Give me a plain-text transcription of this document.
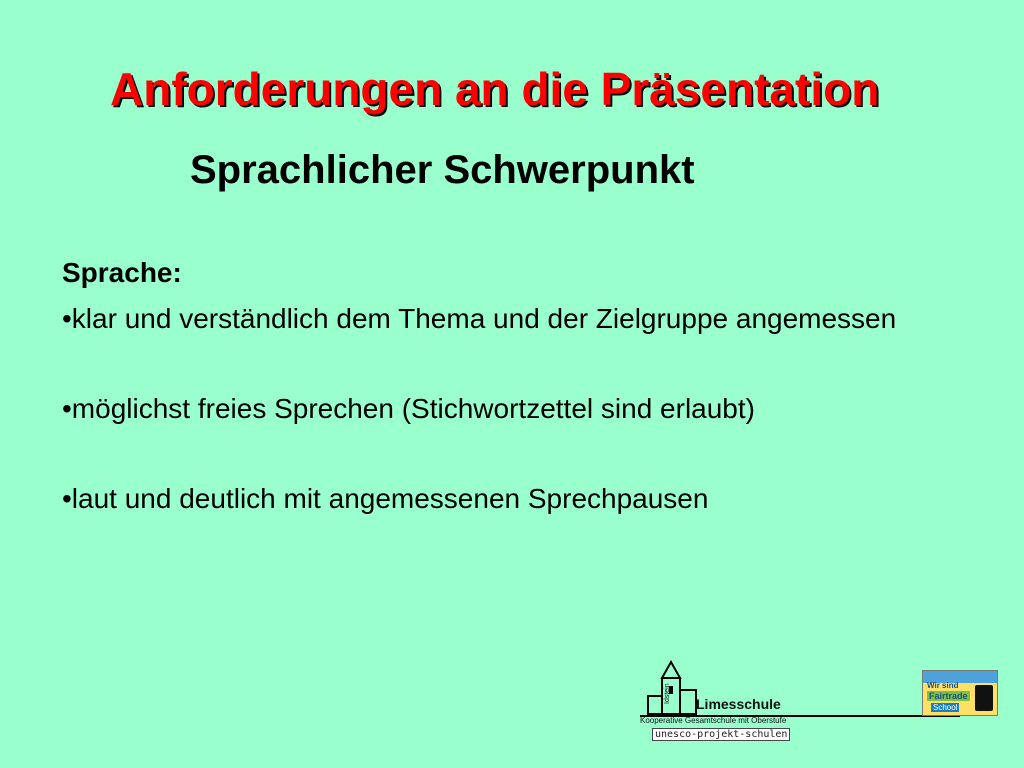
Anforderungen an die Präsentation
Sprachlicher Schwerpunkt
Sprache:

•klar und verständlich dem Thema und der Zielgruppe angemessen

•möglichst freies Sprechen (Stichwortzettel sind erlaubt)

•laut und deutlich mit angemessenen Sprechpausen

Idstein Limesschule
Kooperative Gesamtschule mit Oberstufe
unesco-projekt-schulen
Wir sind
Fairtrade
School
